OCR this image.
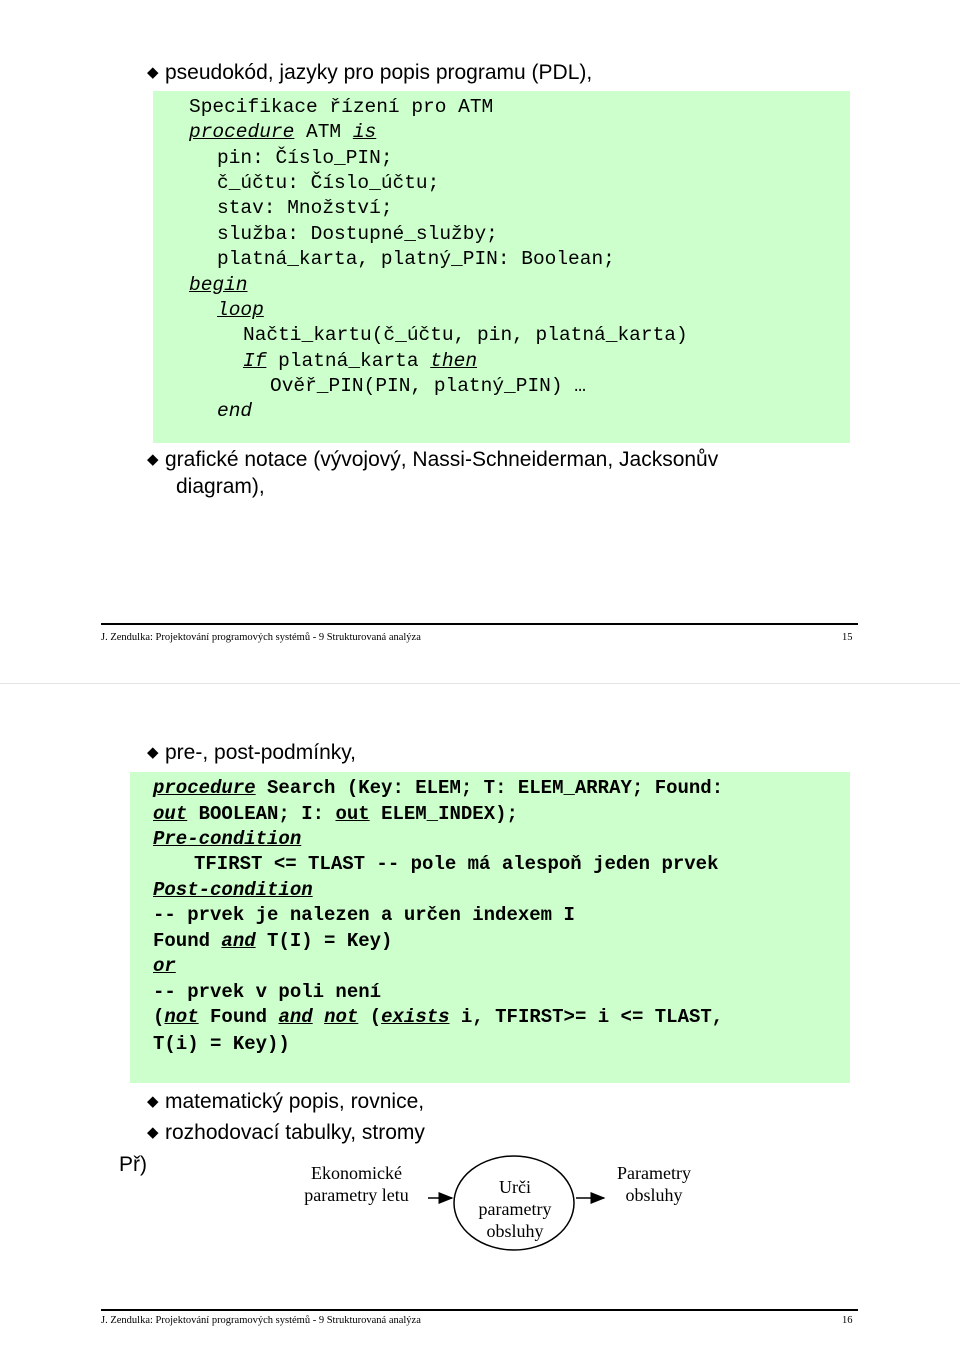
◆ pseudokód, jazyky pro popis programu (PDL),
Specifikace řízení pro ATM
procedure ATM is
pin: Číslo_PIN;
č_účtu: Číslo_účtu;
stav: Množství;
služba: Dostupné_služby;
platná_karta, platný_PIN: Boolean;
begin
loop
Načti_kartu(č_účtu, pin, platná_karta)
If platná_karta then
Ověř_PIN(PIN, platný_PIN) …
end
◆ grafické notace (vývojový, Nassi-Schneiderman, Jacksonův
diagram),
J. Zendulka: Projektování programových systémů - 9 Strukturovaná analýza	15
◆ pre-, post-podmínky,
procedure Search (Key: ELEM; T: ELEM_ARRAY; Found:
out BOOLEAN; I: out ELEM_INDEX);
Pre-condition
TFIRST <= TLAST -- pole má alespoň jeden prvek
Post-condition
-- prvek je nalezen a určen indexem I
Found and T(I) = Key)
or
-- prvek v poli není
(not Found and not (exists i, TFIRST>= i <= TLAST,
T(i) = Key))
◆ matematický popis, rovnice,
◆ rozhodovací tabulky, stromy
Př)	Ekonomické
parametry letu	Urči
parametry
obsluhy
Parametry
obsluhy
J. Zendulka: Projektování programových systémů - 9 Strukturovaná analýza	16
